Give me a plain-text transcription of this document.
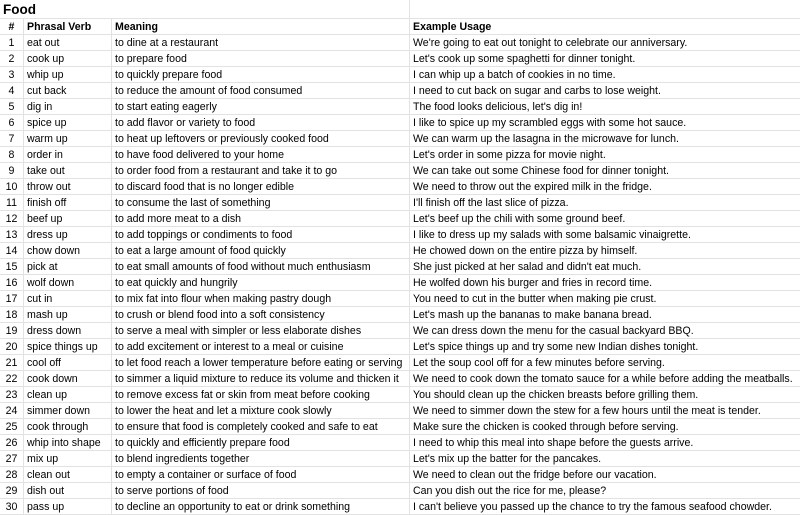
Food
#	Phrasal Verb	Meaning	Example Usage
1	eat out	to dine at a restaurant	We're going to eat out tonight to celebrate our anniversary.
2	cook up	to prepare food	Let's cook up some spaghetti for dinner tonight.
3	whip up	to quickly prepare food	I can whip up a batch of cookies in no time.
4	cut back	to reduce the amount of food consumed	I need to cut back on sugar and carbs to lose weight.
5	dig in	to start eating eagerly	The food looks delicious, let's dig in!
6	spice up	to add flavor or variety to food	I like to spice up my scrambled eggs with some hot sauce.
7	warm up	to heat up leftovers or previously cooked food	We can warm up the lasagna in the microwave for lunch.
8	order in	to have food delivered to your home	Let's order in some pizza for movie night.
9	take out	to order food from a restaurant and take it to go	We can take out some Chinese food for dinner tonight.
10 throw out	to discard food that is no longer edible	We need to throw out the expired milk in the fridge.
11 finish off	to consume the last of something	I'll finish off the last slice of pizza.
12 beef up	to add more meat to a dish	Let's beef up the chili with some ground beef.
13 dress up	to add toppings or condiments to food	I like to dress up my salads with some balsamic vinaigrette.
14 chow down	to eat a large amount of food quickly	He chowed down on the entire pizza by himself.
15 pick at	to eat small amounts of food without much enthusiasm	She just picked at her salad and didn't eat much.
16 wolf down	to eat quickly and hungrily	He wolfed down his burger and fries in record time.
17 cut in	to mix fat into flour when making pastry dough	You need to cut in the butter when making pie crust.
18 mash up	to crush or blend food into a soft consistency	Let's mash up the bananas to make banana bread.
19 dress down	to serve a meal with simpler or less elaborate dishes	We can dress down the menu for the casual backyard BBQ.
20 spice things up	to add excitement or interest to a meal or cuisine	Let's spice things up and try some new Indian dishes tonight.
21 cool off	to let food reach a lower temperature before eating or serving	Let the soup cool off for a few minutes before serving.
22 cook down	to simmer a liquid mixture to reduce its volume and thicken it	We need to cook down the tomato sauce for a while before adding the meatballs.
23 clean up	to remove excess fat or skin from meat before cooking	You should clean up the chicken breasts before grilling them.
24 simmer down	to lower the heat and let a mixture cook slowly	We need to simmer down the stew for a few hours until the meat is tender.
25 cook through	to ensure that food is completely cooked and safe to eat	Make sure the chicken is cooked through before serving.
26 whip into shape	to quickly and efficiently prepare food	I need to whip this meal into shape before the guests arrive.
27 mix up	to blend ingredients together	Let's mix up the batter for the pancakes.
28 clean out	to empty a container or surface of food	We need to clean out the fridge before our vacation.
29 dish out	to serve portions of food	Can you dish out the rice for me, please?
30 pass up	to decline an opportunity to eat or drink something	I can't believe you passed up the chance to try the famous seafood chowder.
